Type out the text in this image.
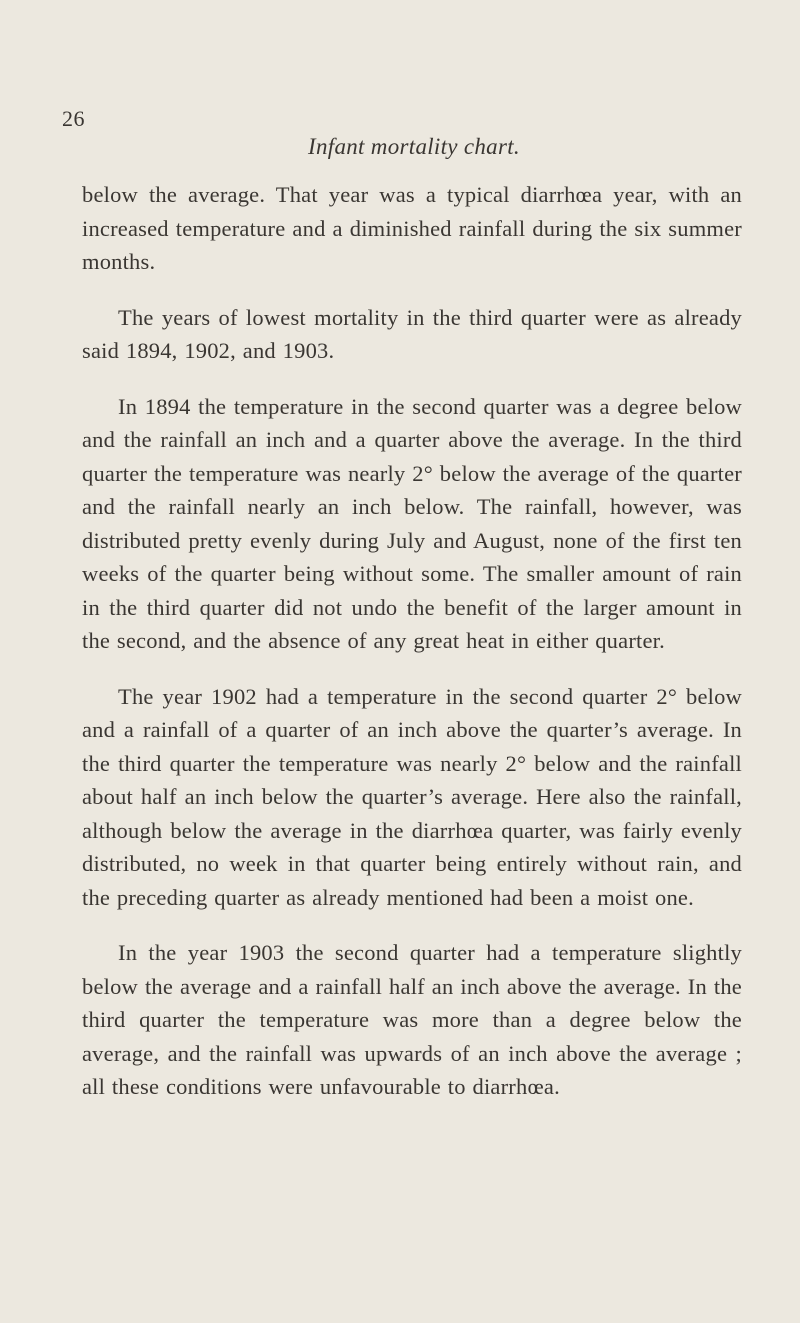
26
Infant mortality chart.

below the average. That year was a typical diarrhœa year, with an increased temperature and a diminished rainfall during the six summer months.

The years of lowest mortality in the third quarter were as already said 1894, 1902, and 1903.

In 1894 the temperature in the second quarter was a degree below and the rainfall an inch and a quarter above the average. In the third quarter the temperature was nearly 2° below the average of the quarter and the rainfall nearly an inch below. The rainfall, however, was distributed pretty evenly during July and August, none of the first ten weeks of the quarter being without some. The smaller amount of rain in the third quarter did not undo the benefit of the larger amount in the second, and the absence of any great heat in either quarter.

The year 1902 had a temperature in the second quarter 2° below and a rainfall of a quarter of an inch above the quarter’s average. In the third quarter the temperature was nearly 2° below and the rainfall about half an inch below the quarter’s average. Here also the rainfall, although below the average in the diarrhœa quarter, was fairly evenly distributed, no week in that quarter being entirely without rain, and the preceding quarter as already mentioned had been a moist one.

In the year 1903 the second quarter had a temperature slightly below the average and a rainfall half an inch above the average. In the third quarter the temperature was more than a degree below the average, and the rainfall was upwards of an inch above the average ; all these conditions were unfavourable to diarrhœa.
